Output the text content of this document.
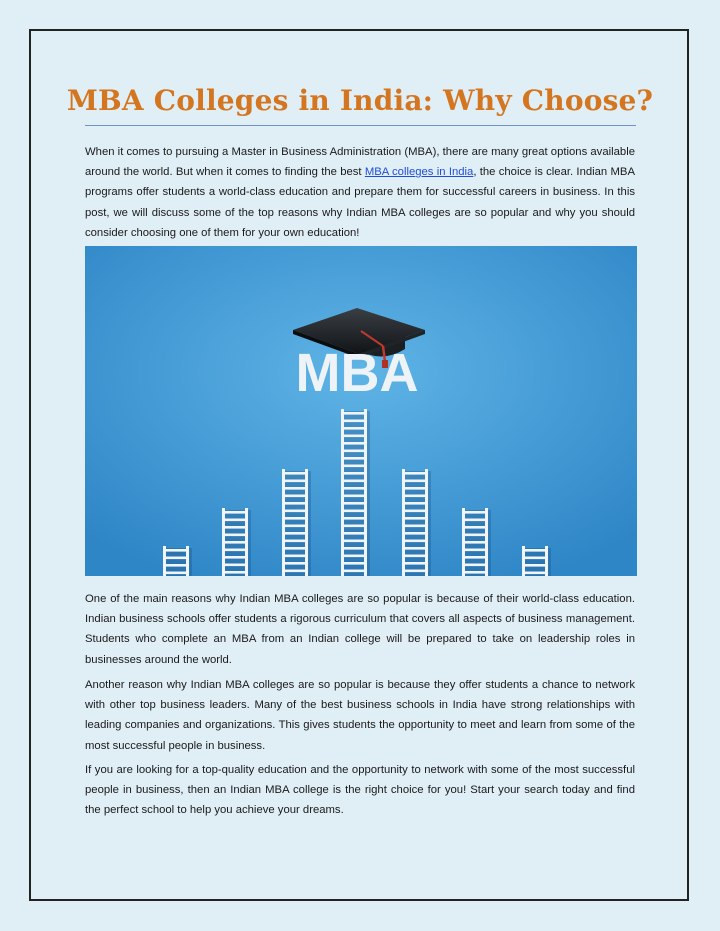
MBA Colleges in India: Why Choose?

When it comes to pursuing a Master in Business Administration (MBA), there are many great options available around the world. But when it comes to finding the best MBA colleges in India, the choice is clear. Indian MBA programs offer students a world-class education and prepare them for successful careers in business. In this post, we will discuss some of the top reasons why Indian MBA colleges are so popular and why you should consider choosing one of them for your own education!

MBA

One of the main reasons why Indian MBA colleges are so popular is because of their world-class education. Indian business schools offer students a rigorous curriculum that covers all aspects of business management. Students who complete an MBA from an Indian college will be prepared to take on leadership roles in businesses around the world.

Another reason why Indian MBA colleges are so popular is because they offer students a chance to network with other top business leaders. Many of the best business schools in India have strong relationships with leading companies and organizations. This gives students the opportunity to meet and learn from some of the most successful people in business.

If you are looking for a top-quality education and the opportunity to network with some of the most successful people in business, then an Indian MBA college is the right choice for you! Start your search today and find the perfect school to help you achieve your dreams.
